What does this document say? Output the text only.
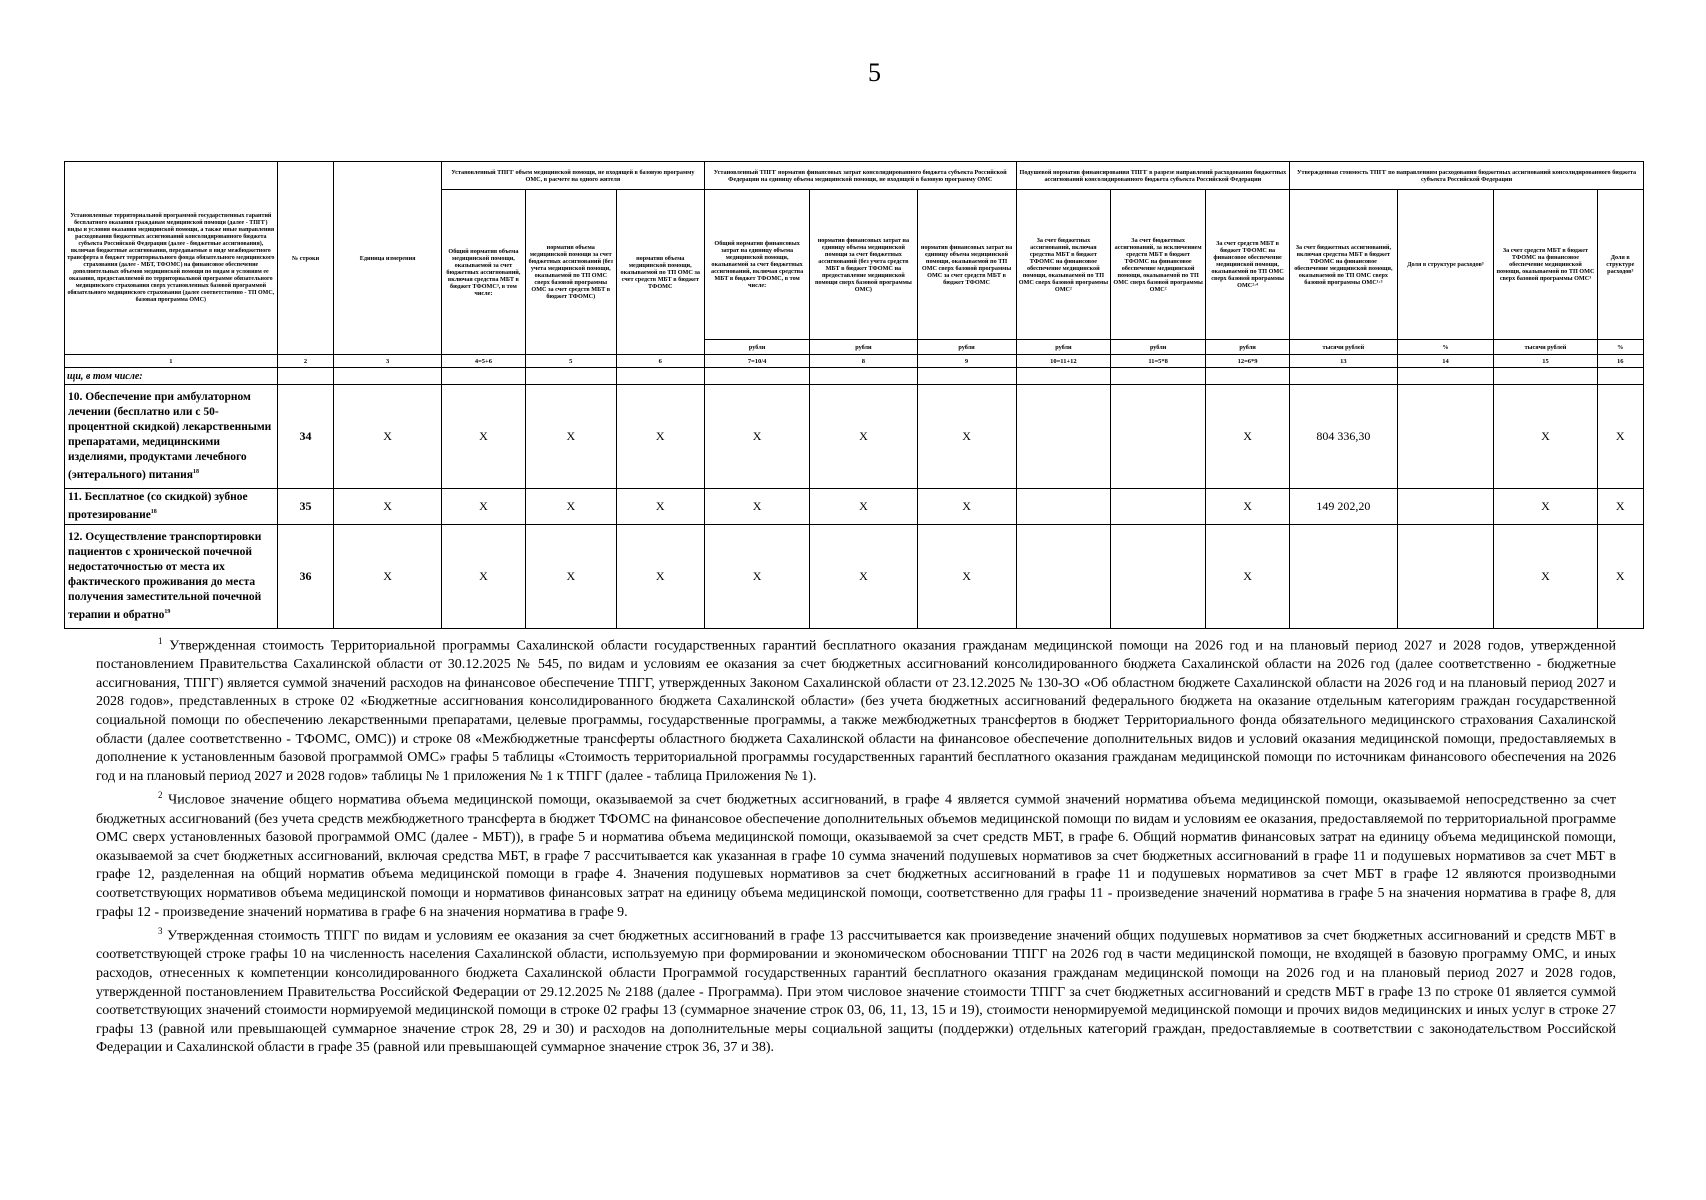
5
Установленные территориальной программой государственных гарантий бесплатного оказания гражданам медицинской помощи (далее - ТПГГ) виды и условия оказания медицинской помощи, а также иные направления расходования бюджетных ассигнований консолидированного бюджета субъекта Российской Федерации (далее - бюджетные ассигнования), включая бюджетные ассигнования, передаваемые в виде межбюджетного трансферта в бюджет территориального фонда обязательного медицинского страхования (далее - МБТ, ТФОМС) на финансовое обеспечение дополнительных объемов медицинской помощи по видам и условиям ее оказания, предоставляемой по территориальной программе обязательного медицинского страхования сверх установленных базовой программой обязательного медицинского страхования (далее соответственно - ТП ОМС, базовая программа ОМС)	№ строки	Единица измерения	Установленный ТПГГ объем медицинской помощи, не входящей в базовую программу ОМС, в расчете на одного жителя			Установленный ТПГГ норматив финансовых затрат консолидированного бюджета субъекта Российской Федерации на единицу объема медицинской помощи, не входящей в базовую программу ОМС			Подушевой норматив финансирования ТПГГ в разрезе направлений расходования бюджетных ассигнований консолидированного бюджета субъекта Российской Федерации			Утвержденная стоимость ТПГГ по направлениям расходования бюджетных ассигнований консолидированного бюджета субъекта Российской Федерации			
			Общий норматив объема медицинской помощи, оказываемой за счет бюджетных ассигнований, включая средства МБТ в бюджет ТФОМС³, в том числе:	норматив объема медицинской помощи за счет бюджетных ассигнований (без учета медицинской помощи, оказываемой по ТП ОМС сверх базовой программы ОМС за счет средств МБТ в бюджет ТФОМС)	норматив объема медицинской помощи, оказываемой по ТП ОМС за счет средств МБТ в бюджет ТФОМС	Общий норматив финансовых затрат на единицу объема медицинской помощи, оказываемой за счет бюджетных ассигнований, включая средства МБТ в бюджет ТФОМС, в том числе:	норматив финансовых затрат на единицу объема медицинской помощи за счет бюджетных ассигнований (без учета средств МБТ в бюджет ТФОМС на предоставление медицинской помощи сверх базовой программы ОМС)	норматив финансовых затрат на единицу объема медицинской помощи, оказываемой по ТП ОМС сверх базовой программы ОМС за счет средств МБТ в бюджет ТФОМС	За счет бюджетных ассигнований, включая средства МБТ в бюджет ТФОМС на финансовое обеспечение медицинской помощи, оказываемой по ТП ОМС сверх базовой программы ОМС²	За счет бюджетных ассигнований, за исключением средств МБТ в бюджет ТФОМС на финансовое обеспечение медицинской помощи, оказываемой по ТП ОМС сверх базовой программы ОМС²	За счет средств МБТ в бюджет ТФОМС на финансовое обеспечение медицинской помощи, оказываемой по ТП ОМС сверх базовой программы ОМС²·⁴	За счет бюджетных ассигнований, включая средства МБТ в бюджет ТФОМС на финансовое обеспечение медицинской помощи, оказываемой по ТП ОМС сверх базовой программы ОМС¹·³	Доля в структуре расходов³	За счет средств МБТ в бюджет ТФОМС на финансовое обеспечение медицинской помощи, оказываемой по ТП ОМС сверх базовой программы ОМС³	Доля в структуре расходов³
						рубли	рубли	рубли	рубли	рубли	рубли	тысячи рублей	%	тысячи рублей	%
1	2	3	4=5+6	5	6	7=10/4	8	9	10=11+12	11=5*8	12=6*9	13	14	15	16
щи, в том числе:															
10. Обеспечение при амбулаторном лечении (бесплатно или с 50-процентной скидкой) лекарственными препаратами, медицинскими изделиями, продуктами лечебного (энтерального) питания$^{18}$	34	X	X	X	X	X	X	X			X	804 336,30		X	X
11. Бесплатное (со скидкой) зубное протезирование$^{18}$	35	X	X	X	X	X	X	X			X	149 202,20		X	X
12. Осуществление транспортировки пациентов с хронической почечной недостаточностью от места их фактического проживания до места получения заместительной почечной терапии и обратно$^{19}$	36	X	X	X	X	X	X	X			X			X	X

$^1$ Утвержденная стоимость Территориальной программы Сахалинской области государственных гарантий бесплатного оказания гражданам медицинской помощи на 2026 год и на плановый период 2027 и 2028 годов, утвержденной постановлением Правительства Сахалинской области от 30.12.2025 № 545, по видам и условиям ее оказания за счет бюджетных ассигнований консолидированного бюджета Сахалинской области на 2026 год (далее соответственно - бюджетные ассигнования, ТПГГ) является суммой значений расходов на финансовое обеспечение ТПГГ, утвержденных Законом Сахалинской области от 23.12.2025 № 130-ЗО «Об областном бюджете Сахалинской области на 2026 год и на плановый период 2027 и 2028 годов», представленных в строке 02 «Бюджетные ассигнования консолидированного бюджета Сахалинской области» (без учета бюджетных ассигнований федерального бюджета на оказание отдельным категориям граждан государственной социальной помощи по обеспечению лекарственными препаратами, целевые программы, государственные программы, а также межбюджетных трансфертов в бюджет Территориального фонда обязательного медицинского страхования Сахалинской области (далее соответственно - ТФОМС, ОМС)) и строке 08 «Межбюджетные трансферты областного бюджета Сахалинской области на финансовое обеспечение дополнительных видов и условий оказания медицинской помощи, предоставляемых в дополнение к установленным базовой программой ОМС» графы 5 таблицы «Стоимость территориальной программы государственных гарантий бесплатного оказания гражданам медицинской помощи по источникам финансового обеспечения на 2026 год и на плановый период 2027 и 2028 годов» таблицы № 1 приложения № 1 к ТПГГ (далее - таблица Приложения № 1).

$^2$ Числовое значение общего норматива объема медицинской помощи, оказываемой за счет бюджетных ассигнований, в графе 4 является суммой значений норматива объема медицинской помощи, оказываемой непосредственно за счет бюджетных ассигнований (без учета средств межбюджетного трансферта в бюджет ТФОМС на финансовое обеспечение дополнительных объемов медицинской помощи по видам и условиям ее оказания, предоставляемой по территориальной программе ОМС сверх установленных базовой программой ОМС (далее - МБТ)), в графе 5 и норматива объема медицинской помощи, оказываемой за счет средств МБТ, в графе 6. Общий норматив финансовых затрат на единицу объема медицинской помощи, оказываемой за счет бюджетных ассигнований, включая средства МБТ, в графе 7 рассчитывается как указанная в графе 10 сумма значений подушевых нормативов за счет бюджетных ассигнований в графе 11 и подушевых нормативов за счет МБТ в графе 12, разделенная на общий норматив объема медицинской помощи в графе 4. Значения подушевых нормативов за счет бюджетных ассигнований в графе 11 и подушевых нормативов за счет МБТ в графе 12 являются производными соответствующих нормативов объема медицинской помощи и нормативов финансовых затрат на единицу объема медицинской помощи, соответственно для графы 11 - произведение значений норматива в графе 5 на значения норматива в графе 8, для графы 12 - произведение значений норматива в графе 6 на значения норматива в графе 9.

$^3$ Утвержденная стоимость ТПГГ по видам и условиям ее оказания за счет бюджетных ассигнований в графе 13 рассчитывается как произведение значений общих подушевых нормативов за счет бюджетных ассигнований и средств МБТ в соответствующей строке графы 10 на численность населения Сахалинской области, используемую при формировании и экономическом обосновании ТПГГ на 2026 год в части медицинской помощи, не входящей в базовую программу ОМС, и иных расходов, отнесенных к компетенции консолидированного бюджета Сахалинской области Программой государственных гарантий бесплатного оказания гражданам медицинской помощи на 2026 год и на плановый период 2027 и 2028 годов, утвержденной постановлением Правительства Российской Федерации от 29.12.2025 № 2188 (далее - Программа). При этом числовое значение стоимости ТПГГ за счет бюджетных ассигнований и средств МБТ в графе 13 по строке 01 является суммой соответствующих значений стоимости нормируемой медицинской помощи в строке 02 графы 13 (суммарное значение строк 03, 06, 11, 13, 15 и 19), стоимости ненормируемой медицинской помощи и прочих видов медицинских и иных услуг в строке 27 графы 13 (равной или превышающей суммарное значение строк 28, 29 и 30) и расходов на дополнительные меры социальной защиты (поддержки) отдельных категорий граждан, предоставляемые в соответствии с законодательством Российской Федерации и Сахалинской области в графе 35 (равной или превышающей суммарное значение строк 36, 37 и 38).
